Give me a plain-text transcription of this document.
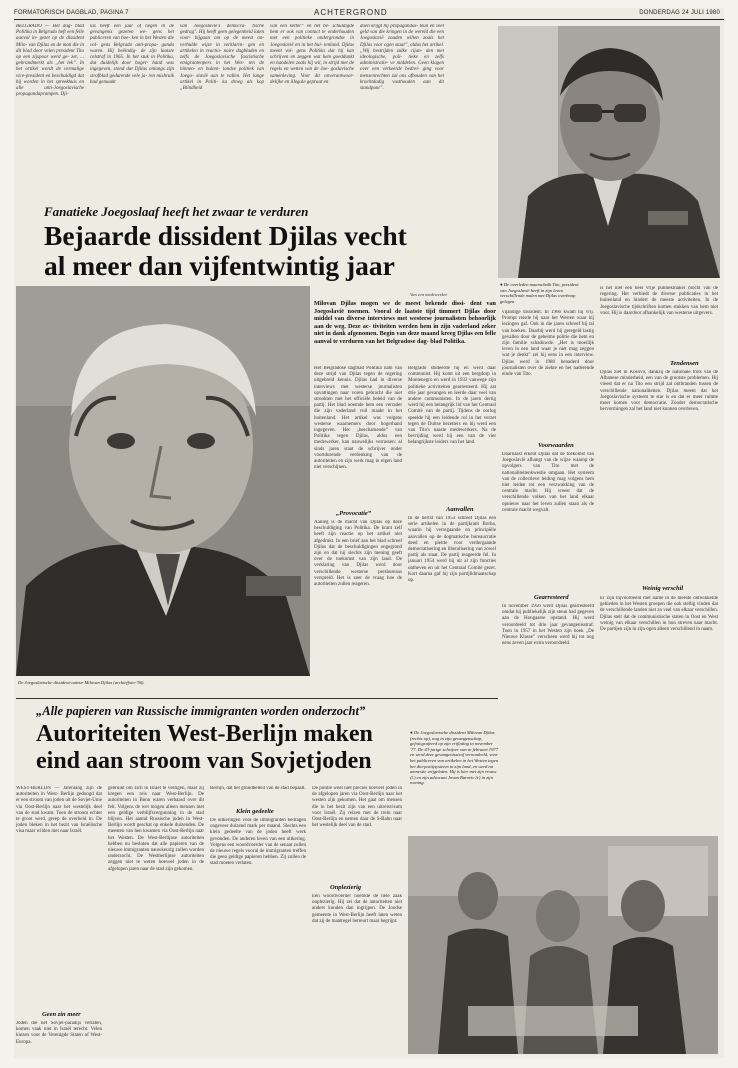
FORMATORISCH DAGBLAD, PAGINA 7	ACHTERGROND	DONDERDAG 24 JULI 1980
BELGRADO — Het dag- blad Politika in Belgrado heft een felle aanval in- gezet op de dissident Milo- van Djilas en de man die in dit blad door velen president Tito op een zijspoor werd ge- zet, ... gebrandmerkt als „het lek”. In het artikel wordt de vermalige vice-president en beschuldigd dat hij worden in het spreekhuis en alle anti-Joegoslavische propagandaprampen. Dji-
las heeft een jaar of negen in de gevangenis gezeten we- gens het publiceren van boe- ken in het Westen die vol- gens Belgrado anti-propa- ganda waren. Hij beëindig- de zijn laatste celstraf in 1965. In het stuk in Politika, dat duidelijk door hoger- hand was ingegeven, stond dat Djilas onlangs zijn strafblad gedurende vele ja- ren misbruik had gemaakt
van Joegoslavië's democra- tische gedrag". Hij heeft geen gelegenheid laten voor- bijgaan om op de meest on- verhulde wijze in verklarin- gen en artikelen in reactio- naire dagbladen en zelfs de Joegoslavische fascistische emigrantenpers in het Wes- ten de binnen- en buiten- landse politiek van Joego- slavië aan te vallen. Het lange artikel in Politi- ka droeg als kop „Blindheid
van een ketter” en het be- schuldigde hem er ook van contact te onderhouden met een politieke ondergrondse in Joegoslavië en in het bui- tenland. Djilas meent vol- gens Politika dat hij kan schrijven en zeggen wat hem goeddunkt en handelen zoals hij wil, in strijd met de regels en wetten van de Joe- goslavische samenleving. Voor dit onverantwoor- delijke en illegale gepraat en
doen krijgt hij propagandas- teun en veel geld van die kringen in de wereld die een Joegoslavië zouden willen zoals het Djilas voor ogen staat”, aldus het artikel. „Wij bestrijden zulke cijan- den met ideologische, poli- tieke en zelfs administratie- ve middelen. Geen klagen over een verkeerde bedrei- ging voor mensenrechten zal ons afhouden van het krachtdadig vasthouden aan dit standpunt”.
● De overleden maarschalk Tito, president van Joegoslavië heeft in zijn leven verschillende malen met Djilas overhoop gelegen.
Fanatieke Joegoslaaf heeft het zwaar te verduren
Bejaarde dissident Djilas vecht
al meer dan vijfentwintig jaar
Van een medewerker
De Joegoslavische dissident-auteur Milovan Djilas (archieffoto-'56).
Milovan Djilas mogen we de meest bekende dissi- dent van Joegoslavië noemen. Vooral de laatste tijd timmert Djilas door middel van diverse interviews met westerse journalisten behoorlijk aan de weg. Deze ac- tiviteiten werden hem in zijn vaderland zeker niet in dank afgenomen. Begin van deze maand kreeg Djilas een felle aanval te verduren van het Belgradose dag- blad Politika.
Het Belgradose dagblad Politika nam van deze strijd van Djilas tegen de regering uitgebreid kennis. Djilas had in diverse interviews met westerse journalisten opvattingen naar voren gebracht die niet strookten met het officiële beleid van de partij. Het blad noemde hem een verrader die zijn vaderland vuil maakt in het buitenland. Het artikel was volgens westerse waarnemers door hogerhand ingegeven. Het „beschamende” van Politika tegen Djilas, aldus een medewerker, kan nauwelijks verrassen: al sinds jaren staat de schrijver onder voortdurende verdenking van de autoriteiten en zijn werk mag in eigen land niet verschijnen.
„Provocatie”
Aanleg is de macht van Djilas op deze beschuldiging van Politika. De krant zelf heeft zijn reactie op het artikel niet afgedrukt. In een brief aan het blad schreef Djilas dat de beschuldigingen ongegrond zijn en dat hij slechts zijn mening geeft over de toekomst van zijn land. De verklaring van Djilas werd door verschillende westerse persbureaus verspreid. Het is zeer de vraag hoe de autoriteiten zullen reageren.
Belgrado studeerde hij en werd daar communist. Hij komt uit een bergdorp in Montenegro en werd in 1932 vanwege zijn politieke activiteiten gearresteerd. Hij zat drie jaar gevangen en leerde daar veel van andere communisten. In de jaren dertig werd hij een belangrijk lid van het Centraal Comité van de partij. Tijdens de oorlog speelde hij een leidende rol in het verzet tegen de Duitse bezetters en hij werd een van Tito's naaste medewerkers. Na de bevrijding werd hij een van de vier belangrijkste leiders van het land.
Aanvallen
In de herfst van 1953 schreef Djilas een serie artikelen in de partijkrant Borba, waarin hij verregaande en principiële aanvallen op de dogmatische bureaucratie deed en pleitte voor verdergaande democratisering en liberalisering van zowel partij als staat. De partij reageerde fel. In januari 1954 werd hij uit al zijn functies ontheven en uit het Centraal Comité gezet. Kort daarna gaf hij zijn partijlidmaatschap op.
vijandige dissident. In 1966 kwam hij vrij. Prompt reisde hij naar het Westen waar hij lezingen gaf. Ook in die jaren schreef hij tal van boeken. Daarbij werd hij geregeld lastig gevallen door de geheime politie die hem en zijn familie schaduwde. „Het is moeilijk leven in een land waar je niet mag zeggen wat je denkt” zei hij eens in een interview. Djilas werd in 1980 benaderd door journalisten over de ziekte en het naderende einde van Tito.
Voorwaarden
Daarnaast erkent Djilas dat de toekomst van Joegoslavië afhangt van de wijze waarop de opvolgers van Tito met de nationaliteitenkwestie omgaan. Het systeem van de collectieve leiding mag volgens hem niet leiden tot een verzwakking van de centrale macht. Hij vreest dat de verschillende volken van het land elkaar opnieuw naar het leven zullen staan als de centrale macht wegvalt.
Gearresteerd
In november 1956 werd Djilas gearresteerd omdat hij publiekelijk zijn steun had gegeven aan de Hongaarse opstand. Hij werd veroordeeld tot drie jaar gevangenisstraf. Toen in 1957 in het Westen zijn boek „De Nieuwe Klasse” verscheen werd hij tot nog eens zeven jaar extra veroordeeld.
is het niet een heel vrije publiekmaker mocht van de regering. Het verbiedt de diverse publicaties in het buitenland en hindert de meeste activiteiten. In de Joegoslavische tijdschriften komen stukken van hem niet voor. Hij is daardoor afhankelijk van westerse uitgevers.
Tendensen
Djilas ziet in Kosovo, dankzij de nationale trots van de Albanese minderheid, een van de grootste problemen. Hij vreest dat er na Tito een strijd zal ontbranden tussen de verschillende nationaliteiten. Djilas meent dat het Joegoslavische systeem te star is en dat er meer ruimte moet komen voor democratie. Zonder democratische hervormingen zal het land niet kunnen overleven.
Weinig verschil
Er zijn bijvoorbeeld met name in de meeste ontwikkelde gebieden in het Westen groepen die ook stellig vinden dat de verschillende landen niet zo veel van elkaar verschillen. Djilas stelt dat de communistische staten in Oost en West weinig van elkaar verschillen in hun streven naar macht. De partijen zijn in zijn ogen alleen verschillend in naam.
„Alle papieren van Russische immigranten worden onderzocht”
Autoriteiten West-Berlijn maken
eind aan stroom van Sovjetjoden
WEST-BERLIJN — Jarenlang zijn de autoriteiten in West- Berlijn gedoogd dat er een stroom van joden uit de Sovjet-Unie via Oost-Berlijn naar het westelijk deel van de stad kwam. Toen de stroom echter te groot werd, greep de overheid in. De joden bleken in het bezit van Israëlische visa maar wilden niet naar Israël.
Geen zin meer
Joden die het Sovjet-paradijs verlaten, komen vaak niet in Israël terecht. Velen kiezen voor de Verenigde Staten of West-Europa.
gebruikt om zich in Israël te vestigen, maar zij kregen een reis naar West-Berlijn. De autoriteiten in Bonn waren verbaasd over dit feit. Volgens de wet mogen alleen mensen met een geldige verblijfsvergunning in de stad blijven. Het aantal Russische joden in West-Berlijn wordt geschat op enkele duizenden. De meesten van hen kwamen via Oost-Berlijn naar het Westen. De West-Berlijnse autoriteiten hebben nu besloten dat alle papieren van de nieuwe immigranten nauwkeurig zullen worden onderzocht. De Westberlijnse autoriteiten zeggen niet te weten hoeveel joden in de afgelopen jaren naar de stad zijn gekomen.
Berlijn, dat het grondbeleid van de stad bepaalt.
Klein gedeelte
De uitkeringen voor de immigranten bedragen ongeveer duizend mark per maand. Slechts een klein gedeelte van de joden heeft werk gevonden. De anderen leven van een uitkering. Volgens een woordvoerder van de senaat zullen de nieuwe regels vooral de immigranten treffen die geen geldige papieren hebben. Zij zullen de stad moeten verlaten.
De politie weet niet precies hoeveel joden in de afgelopen jaren via Oost-Berlijn naar het westen zijn gekomen. Het gaat om mensen die in het bezit zijn van een uitreisvisum voor Israël. Zij reizen met de trein naar Oost-Berlijn en nemen daar de S-Bahn naar het westelijk deel van de stad.
Onplezierig
Een woordvoerder noemde de hele zaak onplezierig. Hij zei dat de autoriteiten niet anders konden dan ingrijpen. De Joodse gemeente in West-Berlijn heeft laten weten dat zij de maatregel betreurt maar begrijpt.
● De Joegoslavische dissident Milovan Djilas (rechts op), nog in zijn gevangenschap, gefotografeerd op zijn vrijlating in november '77. De 43-jarige schrijver van in februari 1977 en werd deze gevangenisstraf veroordeeld, voor het publiceren van artikelen in het Westen tegen het dia-partijsysteem in zijn land, en werd na amnestie vrijgelaten. Hij is hier met zijn vrouw (l.) en zijn advocaat Jovan Barovic (r) in zijn woning.
